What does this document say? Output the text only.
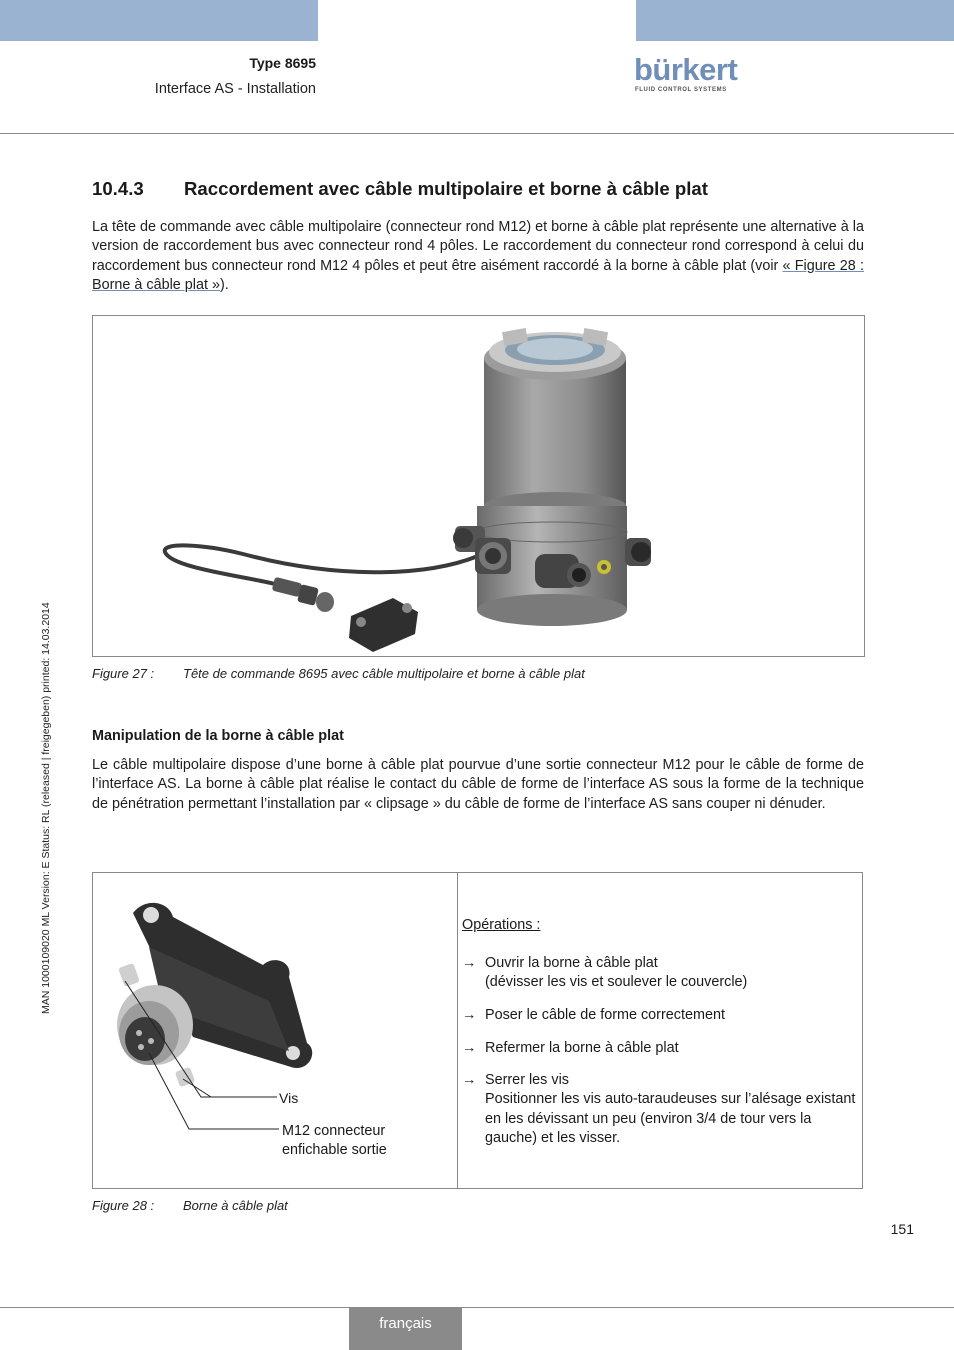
Type 8695
Interface AS - Installation
bürkert
FLUID CONTROL SYSTEMS
MAN 1000109020 ML Version: E Status: RL (released | freigegeben) printed: 14.03.2014
10.4.3 Raccordement avec câble multipolaire et borne à câble plat
La tête de commande avec câble multipolaire (connecteur rond M12) et borne à câble plat représente une alternative à la version de raccordement bus avec connecteur rond 4 pôles. Le raccordement du connecteur rond correspond à celui du raccordement bus connecteur rond M12 4 pôles et peut être aisément raccordé à la borne à câble plat (voir « Figure 28 : Borne à câble plat »).
Figure 27 : Tête de commande 8695 avec câble multipolaire et borne à câble plat
Manipulation de la borne à câble plat
Le câble multipolaire dispose d’une borne à câble plat pourvue d’une sortie connecteur M12 pour le câble de forme de l’interface AS. La borne à câble plat réalise le contact du câble de forme de l’interface AS sous la forme de la technique de pénétration permettant l’installation par « clipsage » du câble de forme de l’interface AS sans couper ni dénuder.
Vis
M12 connecteur enfichable sortie
Opérations :
→ Ouvrir la borne à câble plat
(dévisser les vis et soulever le couvercle)
→ Poser le câble de forme correctement
→ Refermer la borne à câble plat
→ Serrer les vis
Positionner les vis auto-taraudeuses sur l’alésage existant en les dévissant un peu (environ 3/4 de tour vers la gauche) et les visser.
Figure 28 : Borne à câble plat
151
français
